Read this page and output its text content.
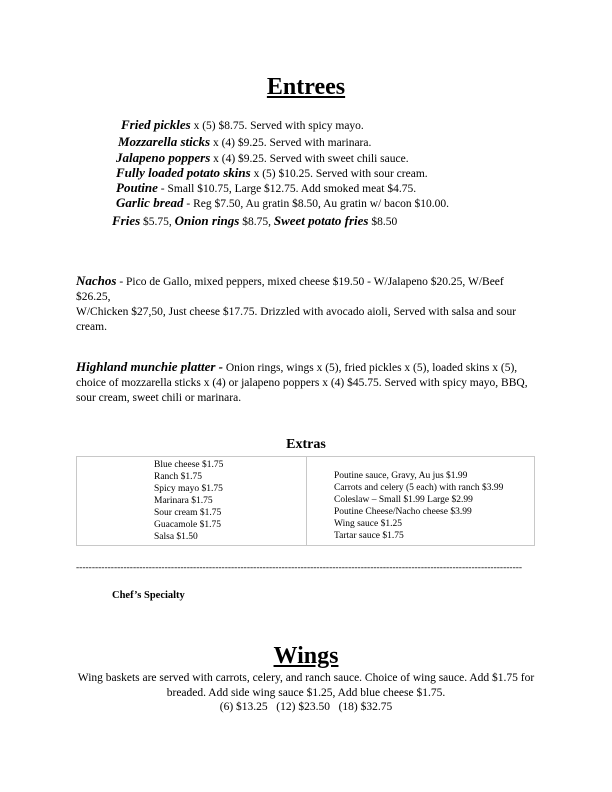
Entrees
Fried pickles x (5) $8.75. Served with spicy mayo.
Mozzarella sticks x (4) $9.25. Served with marinara.
Jalapeno poppers x (4) $9.25. Served with sweet chili sauce.
Fully loaded potato skins x (5) $10.25. Served with sour cream.
Poutine - Small $10.75, Large $12.75. Add smoked meat $4.75.
Garlic bread - Reg $7.50, Au gratin $8.50, Au gratin w/ bacon $10.00.
Fries $5.75, Onion rings $8.75, Sweet potato fries $8.50
Nachos - Pico de Gallo, mixed peppers, mixed cheese $19.50 - W/Jalapeno $20.25, W/Beef $26.25,
W/Chicken $27,50, Just cheese $17.75. Drizzled with avocado aioli, Served with salsa and sour cream.
Highland munchie platter - Onion rings, wings x (5), fried pickles x (5), loaded skins x (5), choice of mozzarella sticks x (4) or jalapeno poppers x (4) $45.75. Served with spicy mayo, BBQ, sour cream, sweet chili or marinara.
Extras
Blue cheese $1.75
Ranch $1.75
Spicy mayo $1.75
Marinara $1.75
Sour cream $1.75
Guacamole $1.75
Salsa $1.50
Poutine sauce, Gravy, Au jus $1.99
Carrots and celery (5 each) with ranch $3.99
Coleslaw – Small $1.99 Large $2.99
Poutine Cheese/Nacho cheese $3.99
Wing sauce $1.25
Tartar sauce $1.75
---------------------------------------------------------------------------------------------------------------------------------------------
Chef’s Specialty
Wings
Wing baskets are served with carrots, celery, and ranch sauce. Choice of wing sauce. Add $1.75 for breaded. Add side wing sauce $1.25, Add blue cheese $1.75.
(6) $13.25   (12) $23.50   (18) $32.75
